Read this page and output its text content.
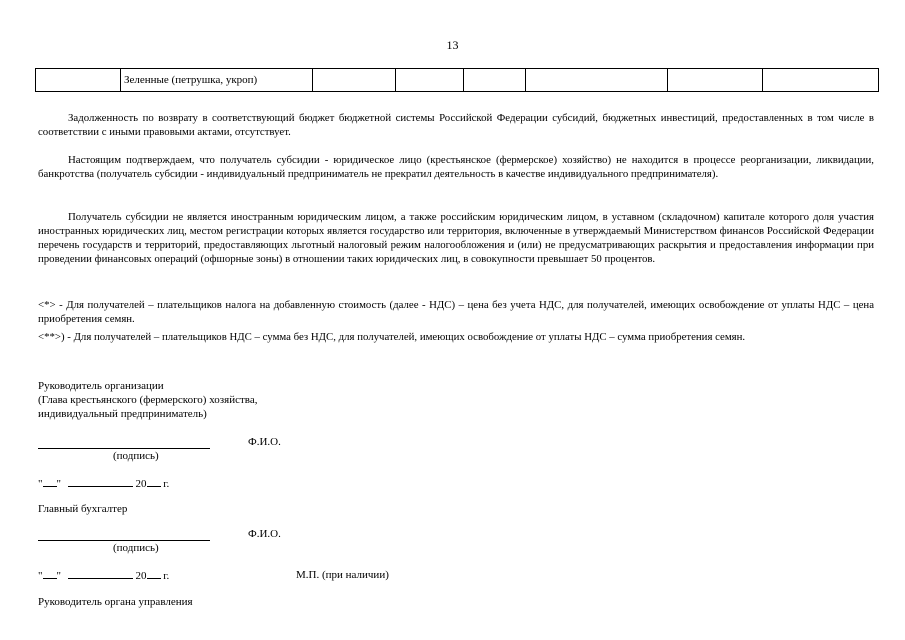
13
	Зеленные (петрушка, укроп)						
Задолженность по возврату в соответствующий бюджет бюджетной системы Российской Федерации субсидий, бюджетных инвестиций, предоставленных в том числе в соответствии с иными правовыми актами, отсутствует.
Настоящим подтверждаем, что получатель субсидии - юридическое лицо (крестьянское (фермерское) хозяйство) не находится в процессе реорганизации, ликвидации, банкротства (получатель субсидии - индивидуальный предприниматель не прекратил деятельность в качестве индивидуального предпринимателя).
Получатель субсидии не является иностранным юридическим лицом, а также российским юридическим лицом, в уставном (складочном) капитале которого доля участия иностранных юридических лиц, местом регистрации которых является государство или территория, включенные в утверждаемый Министерством финансов Российской Федерации перечень государств и территорий, предоставляющих льготный налоговый режим налогообложения и (или) не предусматривающих раскрытия и предоставления информации при проведении финансовых операций (офшорные зоны) в отношении таких юридических лиц, в совокупности превышает 50 процентов.
<*> - Для получателей – плательщиков налога на добавленную стоимость (далее - НДС) – цена без учета НДС, для получателей, имеющих освобождение от уплаты НДС – цена приобретения семян.
<**>) - Для получателей – плательщиков НДС – сумма без НДС, для получателей, имеющих освобождение от уплаты НДС – сумма приобретения семян.
Руководитель организации
(Глава крестьянского (фермерского) хозяйства,
индивидуальный предприниматель)
Ф.И.О.
(подпись)
" "	20 г.
Главный бухгалтер
Ф.И.О.
(подпись)
" "	20 г.	М.П. (при наличии)
Руководитель органа управления
